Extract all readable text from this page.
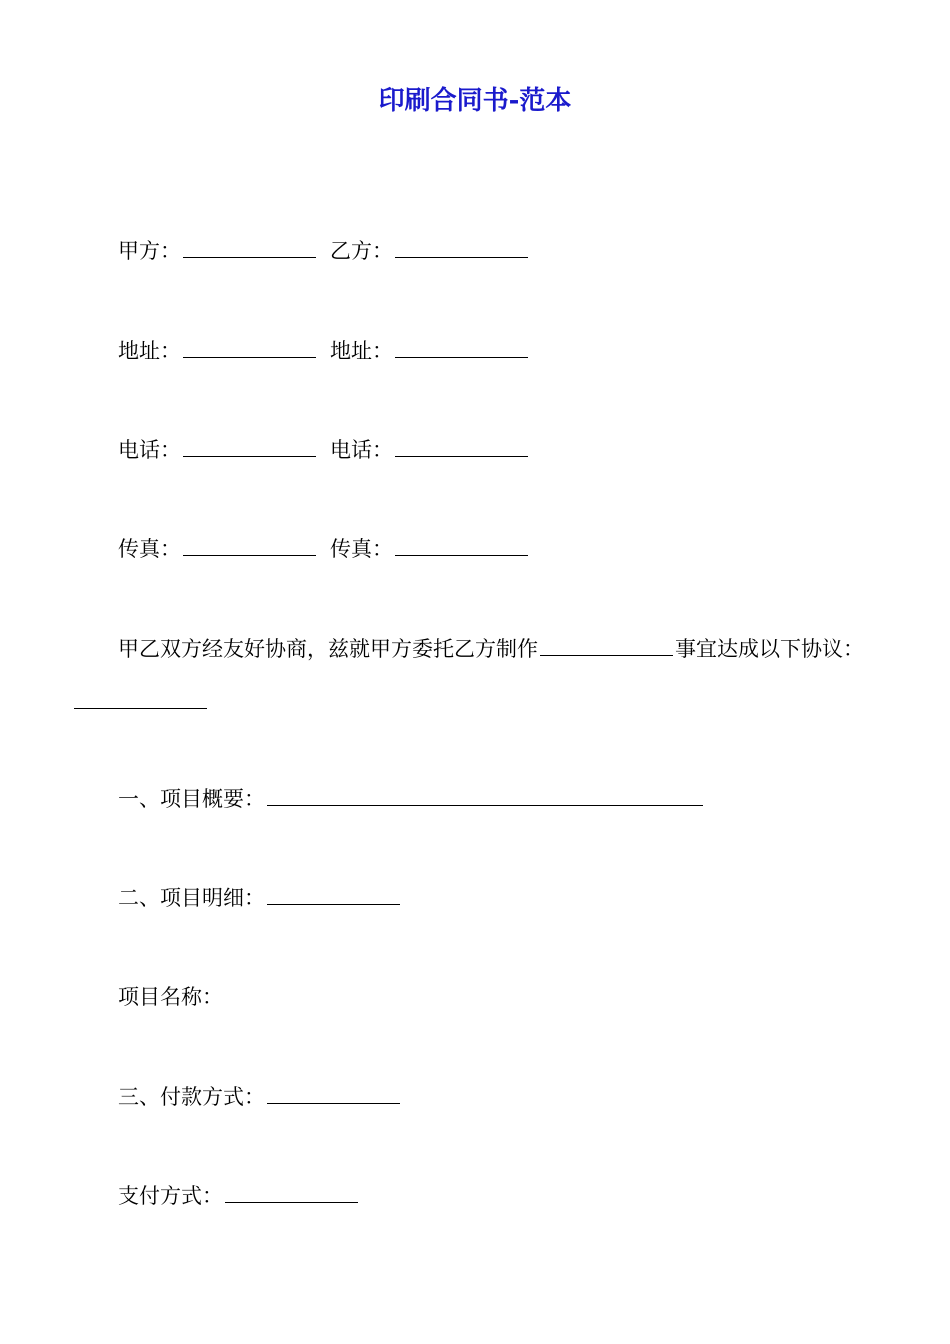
印刷合同书-范本
甲方：	乙方：
地址：	地址：
电话：	电话：
传真：	传真：
甲乙双方经友好协商，兹就甲方委托乙方制作	事宜达成以下协议：
一、项目概要：
二、项目明细：
项目名称：
三、付款方式：
支付方式：
